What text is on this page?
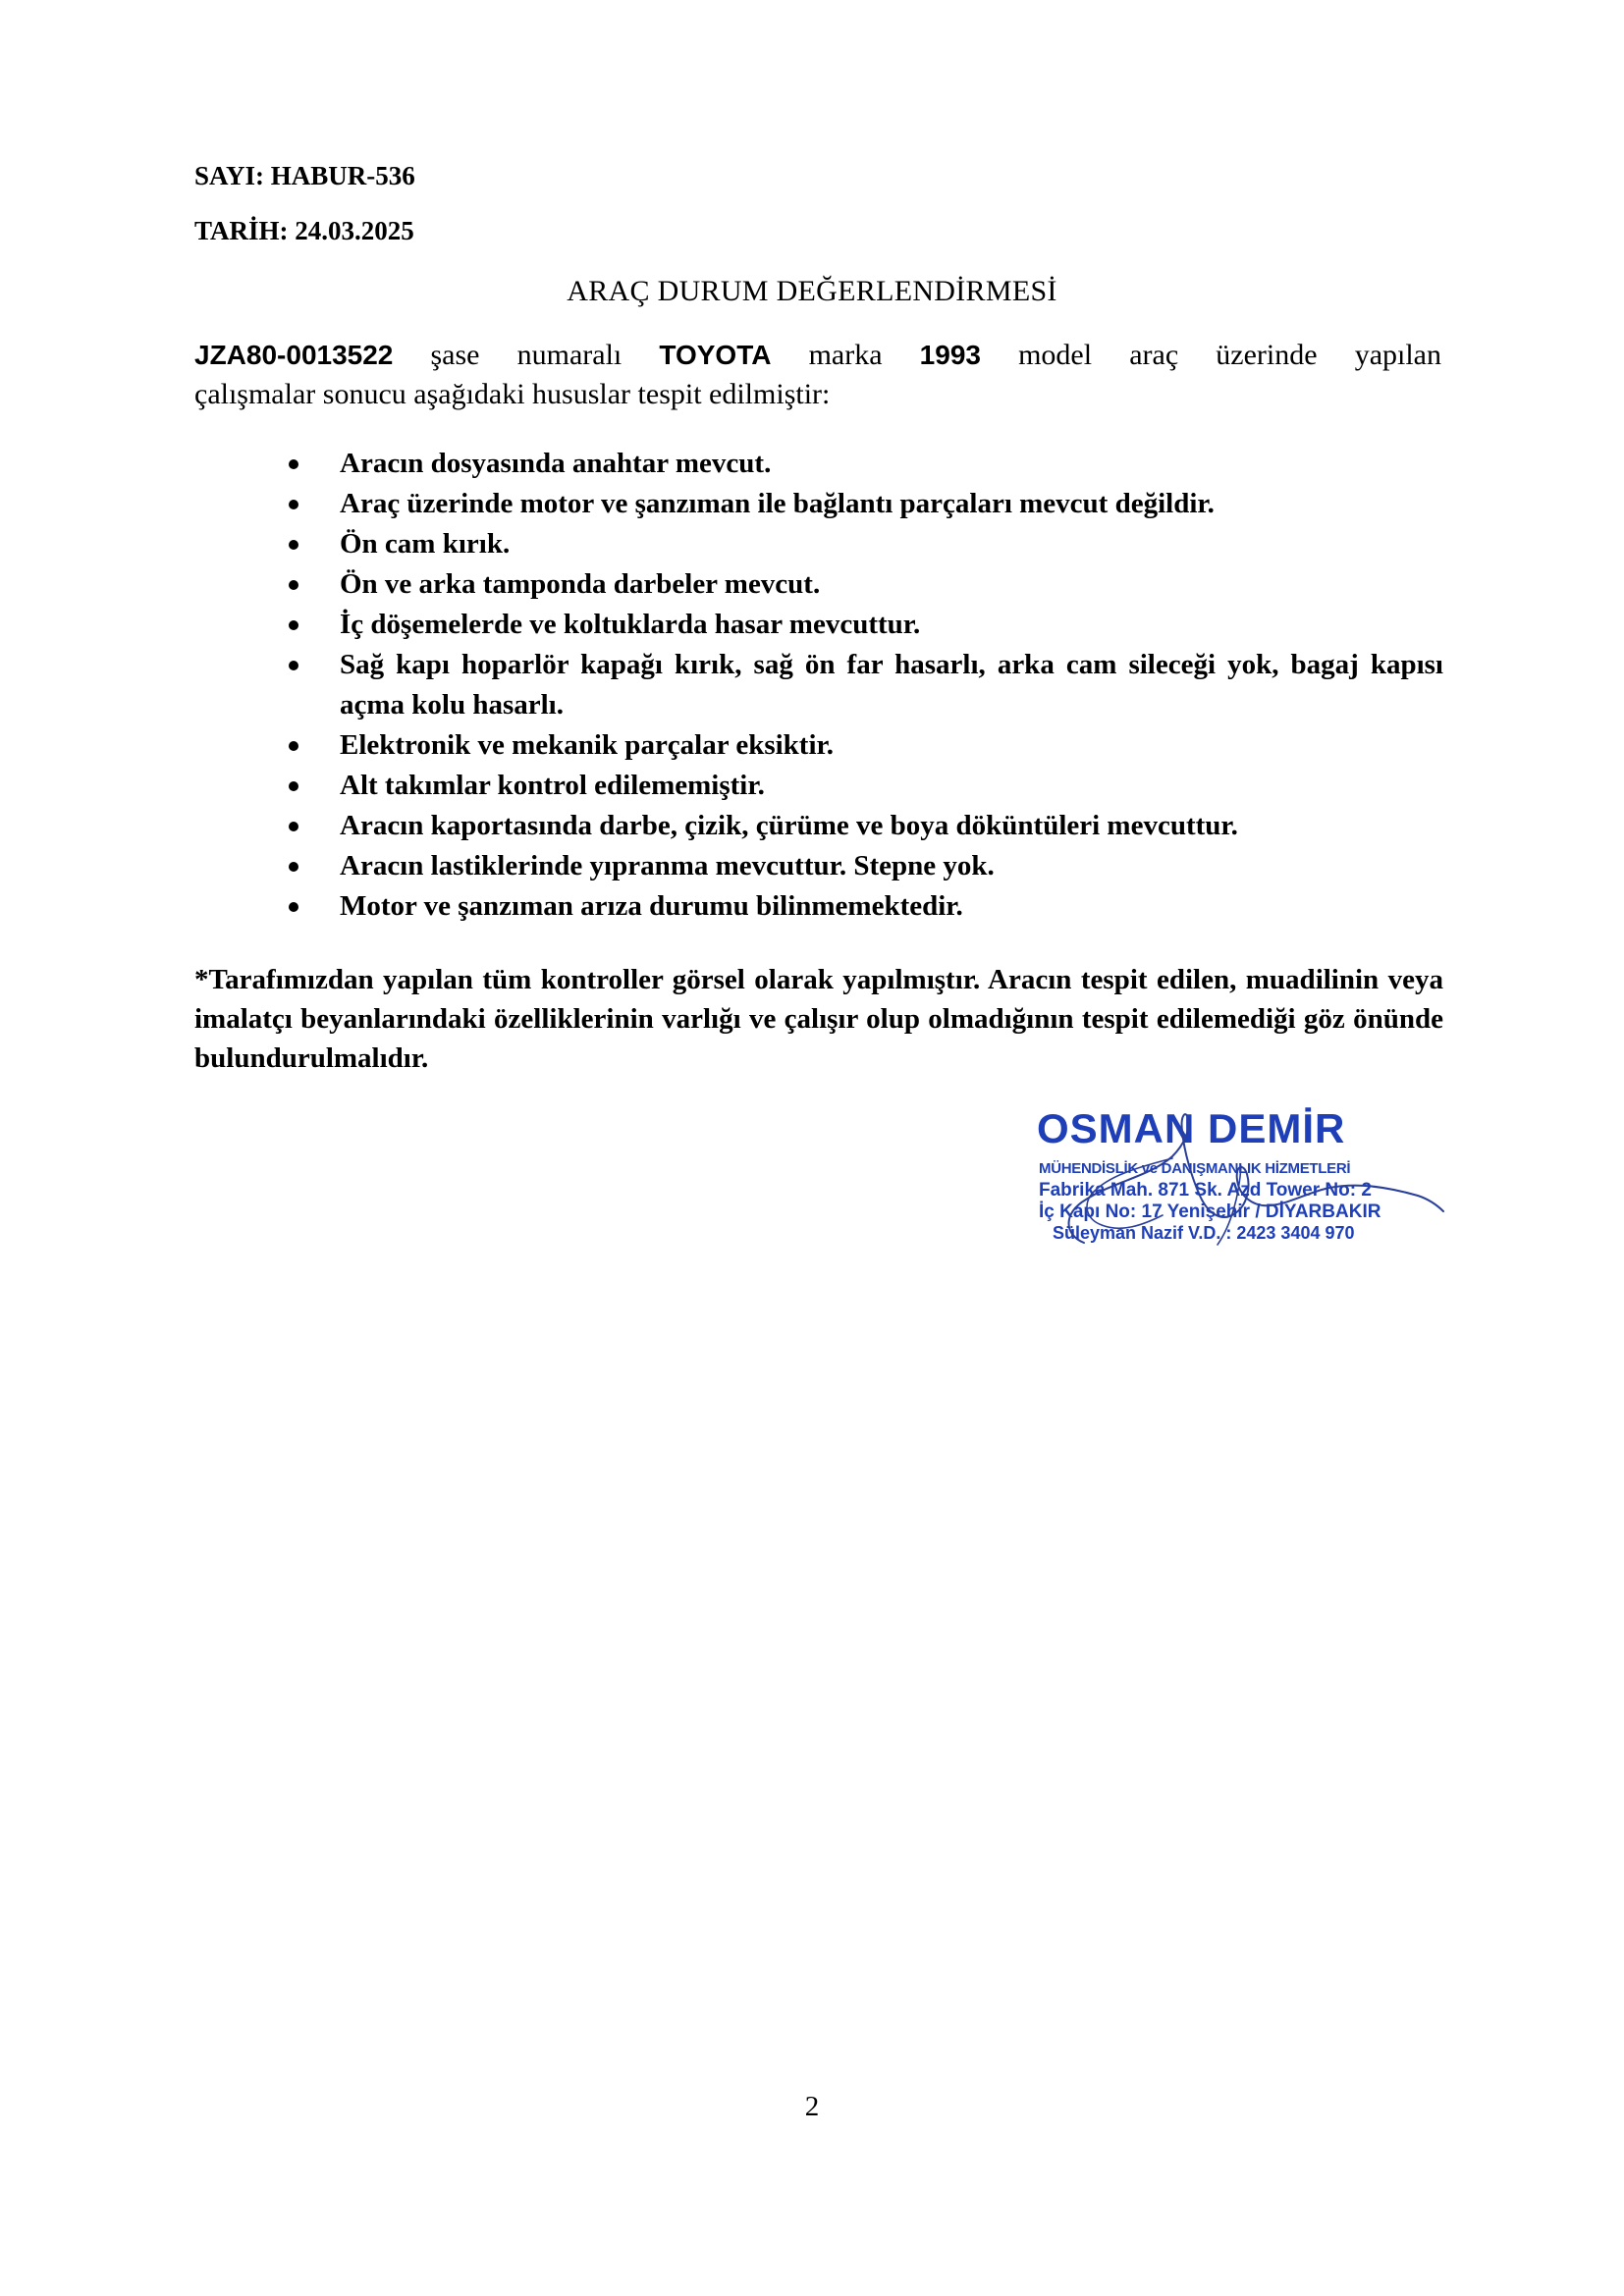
SAYI: HABUR-536
TARİH: 24.03.2025
ARAÇ DURUM DEĞERLENDİRMESİ
JZA80-0013522 şase numaralı TOYOTA marka 1993 model araç üzerinde yapılan
çalışmalar sonucu aşağıdaki hususlar tespit edilmiştir:
Aracın dosyasında anahtar mevcut.
Araç üzerinde motor ve şanzıman ile bağlantı parçaları mevcut değildir.
Ön cam kırık.
Ön ve arka tamponda darbeler mevcut.
İç döşemelerde ve koltuklarda hasar mevcuttur.
Sağ kapı hoparlör kapağı kırık, sağ ön far hasarlı, arka cam sileceği yok, bagaj kapısı açma kolu hasarlı.
Elektronik ve mekanik parçalar eksiktir.
Alt takımlar kontrol edilememiştir.
Aracın kaportasında darbe, çizik, çürüme ve boya döküntüleri mevcuttur.
Aracın lastiklerinde yıpranma mevcuttur. Stepne yok.
Motor ve şanzıman arıza durumu bilinmemektedir.
*Tarafımızdan yapılan tüm kontroller görsel olarak yapılmıştır. Aracın tespit edilen, muadilinin veya imalatçı beyanlarındaki özelliklerinin varlığı ve çalışır olup olmadığının tespit edilemediği göz önünde bulundurulmalıdır.
OSMAN DEMİR
MÜHENDİSLİK ve DANIŞMANLIK HİZMETLERİ
Fabrika Mah. 871 Sk. Azd Tower No: 2
İç Kapı No: 17 Yenişehir / DİYARBAKIR
Süleyman Nazif V.D. : 2423 3404 970
2
